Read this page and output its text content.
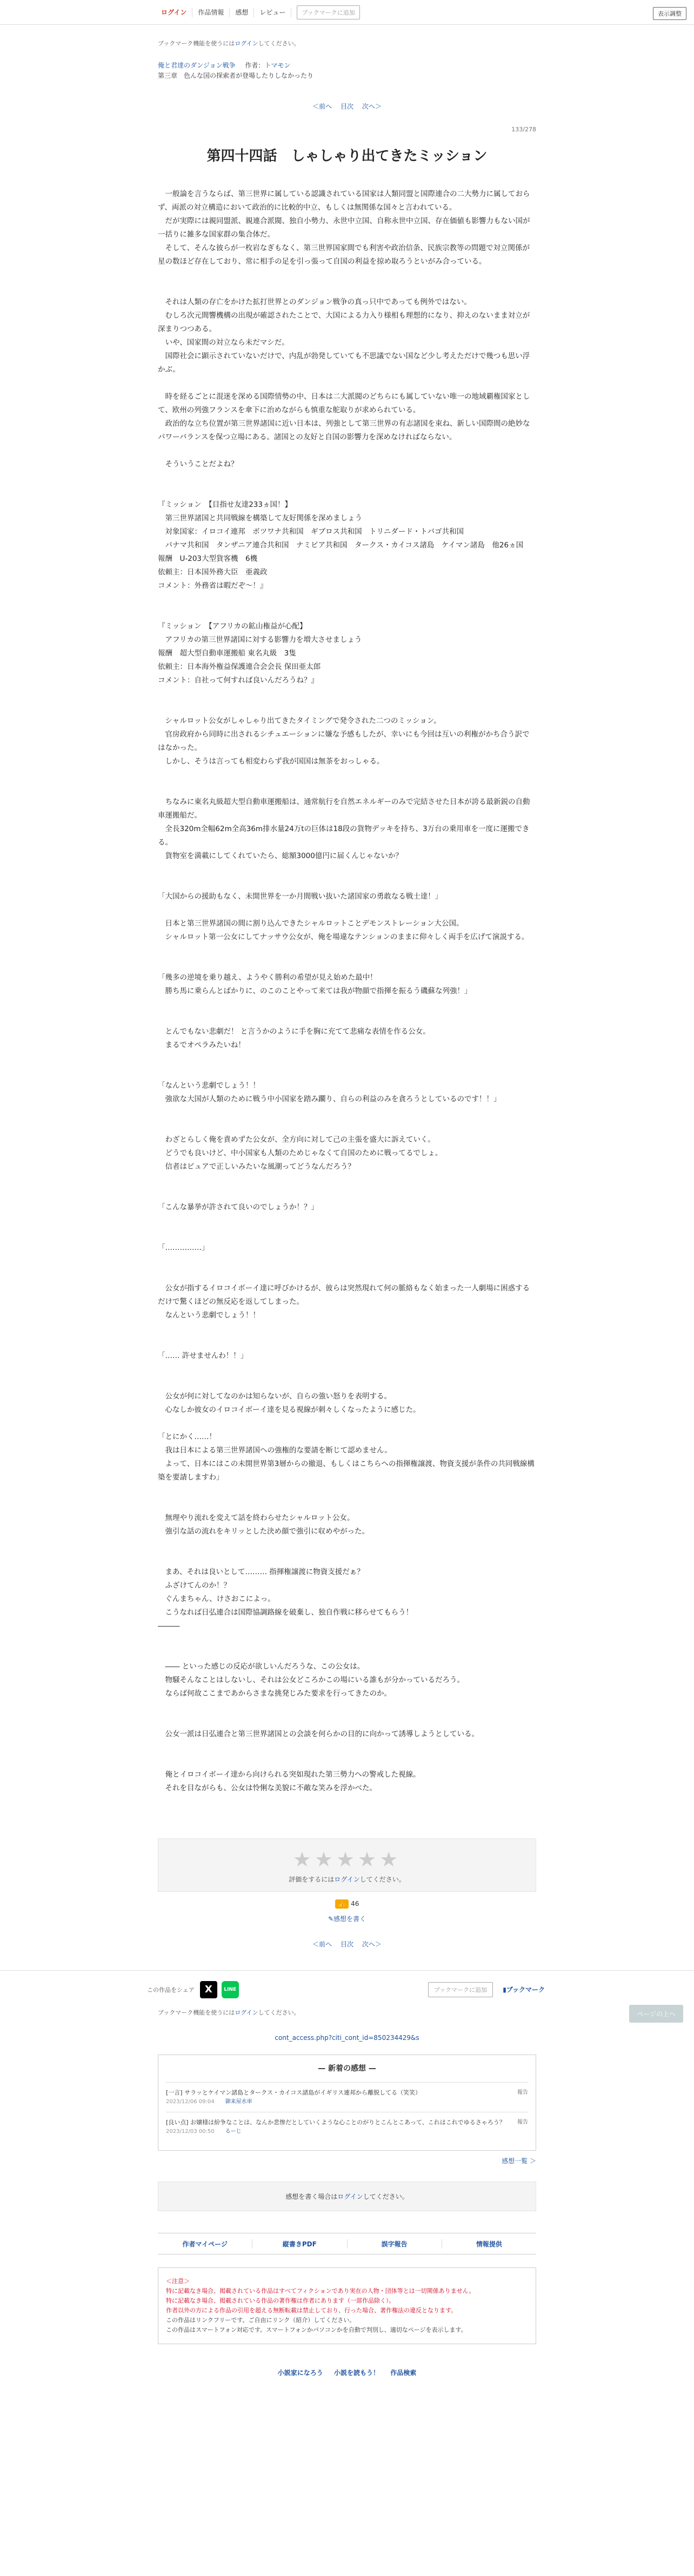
ログイン	作品情報	感想	レビュー	ブックマークに追加	表示調整
ブックマーク機能を使うにはログインしてください。
俺と君達のダンジョン戦争 作者：トマモン
第三章　色んな国の探索者が登場したりしなかったり
＜前へ 目次 次へ＞
133/278
第四十四話　しゃしゃり出てきたミッション

　一般論を言うならば、第三世界に属している認識されている国家は人類同盟と国際連合の二大勢力に属しておらず、両派の対立構造において政治的に比較的中立、もしくは無関係な国々と言われている。

　だが実際には親同盟派、親連合派閥、独自小勢力、永世中立国、自称永世中立国、存在価値も影響力もない国が一括りに雑多な国家群の集合体だ。

　そして、そんな彼らが一枚岩なぎもなく、第三世界国家間でも利害や政治信条、民族宗教等の問題で対立関係が星の数ほど存在しており、常に相手の足を引っ張って自国の利益を掠め取ろうといがみ合っている。

　それは人類の存亡をかけた拡打世界とのダンジョン戦争の真っ只中であっても例外ではない。

　むしろ次元間響機構の出現が確認されたことで、大国による力入り様相も理想的になり、抑えのないまま対立が深まりつつある。

　いや、国家間の対立なら未だマシだ。

　国際社会に顕示されていないだけで、内乱が勃発していても不思議でない国など少し考えただけで幾つも思い浮かぶ。

　時を経るごとに混迷を深める国際情勢の中、日本は二大派閥のどちらにも属していない唯一の地域覇権国家として、欧州の列強フランスを傘下に治めながらも慎重な舵取りが求められている。

　政治的な立ち位置が第三世界諸国に近い日本は、列強として第三世界の有志諸国を束ね、新しい国際間の絶妙なパワーバランスを保つ立場にある。諸国との友好と自国の影響力を深めなければならない。

　そういうことだよね？

『ミッション　【目指せ友達233ヵ国！】

　第三世界諸国と共同戦線を構築して友好関係を深めましょう

　対象国家：イロコイ連邦　ボツワナ共和国　ギブロス共和国　トリニダード・トバゴ共和国

　パナマ共和国　タンザニア連合共和国　ナミビア共和国　タークス・カイコス諸島　ケイマン諸島　他26ヵ国

報酬　U-203大型貨客機　6機

依頼主：日本国外務大臣　亜義政

コメント：外務省は暇だぞ～！』

『ミッション　【アフリカの鉱山権益が心配】

　アフリカの第三世界諸国に対する影響力を増大させましょう

報酬　超大型自動車運搬船 東名丸級　3隻

依頼主：日本海外権益保護連合会会長 保田亜太郎

コメント：自社って何すれば良いんだろうね？』

　シャルロット公女がしゃしゃり出てきたタイミングで発令された二つのミッション。

　官房政府から同時に出されるシチュエーションに嫌な予感もしたが、幸いにも今回は互いの利権がかち合う訳ではなかった。

　しかし、そうは言っても相変わらず我が国国は無茶をおっしゃる。

　ちなみに東名丸級超大型自動車運搬船は、通常航行を自然エネルギーのみで完結させた日本が誇る最新鋭の自動車運搬船だ。

　全長320m全幅62m全高36m排水量24万tの巨体は18段の貨物デッキを持ち、3万台の乗用車を一度に運搬できる。

　貨物室を満載にしてくれていたら、総額3000億円に届くんじゃないか？

「大国からの援助もなく、未開世界を一か月間戦い抜いた諸国家の勇敢なる戦士達！」

　日本と第三世界諸国の間に割り込んできたシャルロットことデモンストレーション大公国。

　シャルロット第一公女にしてナッサウ公女が、俺を場違なテンションのままに仰々しく両手を広げて演説する。

「幾多の逆境を乗り越え、ようやく勝利の希望が見え始めた最中！

　勝ち馬に乗らんとばかりに、のこのことやって来ては我が物顔で指揮を振るう磯蘇な列強！」

　とんでもない悲劇だ！ と言うかのように手を胸に充てて悲痛な表情を作る公女。

　まるでオペラみたいね！

「なんという悲劇でしょう！！

　強欲な大国が人類のために戦う中小国家を踏み躙り、自らの利益のみを貪ろうとしているのです！！」

　わざとらしく俺を責めずた公女が、全方向に対して己の主張を盛大に訴えていく。

　どうでも良いけど、中小国家も人類のためじゃなくて自国のために戦ってるでしょ。

　信者はピュアで正しいみたいな風潮ってどうなんだろう？

「こんな暴挙が許されて良いのでしょうか！？」

「……………」

　公女が指するイロコイボーイ達に呼びかけるが、彼らは突然現れて何の脈絡もなく始まった一人劇場に困惑するだけで驚くほどの無反応を返してしまった。

　なんという悲劇でしょう！！

「…… 許せませんわ！！」

　公女が何に対してなのかは知らないが、自らの強い怒りを表明する。

　心なしか彼女のイロコイボーイ達を見る視線が刺々しくなったように感じた。

「とにかく……！

　我は日本による第三世界諸国への強権的な要請を断じて認めません。

　よって、日本にはこの未開世界第3層からの撤退、もしくはこちらへの指揮権譲渡、物資支援が条件の共同戦線構築を要請しますわ」

　無理やり流れを変えて話を終わらせたシャルロット公女。

　強引な話の流れをキリッとした決め顔で強引に収めやがった。

　まあ、それは良いとして……… 指揮権譲渡に物資支援だぁ？

　ふざけてんのか！？

　ぐんまちゃん、けさおこによっ。

　こうなれば日弘連合は国際協調路線を破棄し、独自作戦に移らせてもらう！

―――

　―― といった感じの反応が欲しいんだろうな、この公女は。

　物騒そんなことはしないし、それは公女どころかこの場にいる誰もが分かっているだろう。

　ならば何故ここまであからさまな挑発じみた要求を行ってきたのか。

　公女一派は日弘連合と第三世界諸国との会談を何らかの目的に向かって誘導しようとしている。

　俺とイロコイボーイ達から向けられる突如現れた第三勢力への警戒した視線。

　それを目ながらも、公女は怜悧な美貌に不敵な笑みを浮かべた。

★★★★★
評価をするにはログインしてください。
👍 46
✎感想を書く
＜前へ 目次 次へ＞
ページの上へ
この作品をシェア	X	LINE	ブックマークに追加	▮ブックマーク
ブックマーク機能を使うにはログインしてください。
cont_access.php?citi_cont_id=850234429&s
— 新着の感想 —
報告
[一言] サラッとケイマン諸島とタークス・カイコス諸島がイギリス連邦から離脱してる（笑笑）
2023/12/06 09:04 御来屋水車
報告
[良い点] お嬢様は紛争なことは、なんか悲惨だとしていくような心ことのがりとこんとこあって、これはこれでゆるさゃろう？
2023/12/03 00:50 るーじ
感想一覧 ＞
感想を書く場合はログインしてください。
作者マイページ	縦書きPDF	誤字報告	情報提供
＜注意＞
特に記載なき場合、掲載されている作品はすべてフィクションであり実在の人物・団体等とは一切関係ありません。
特に記載なき場合、掲載されている作品の著作権は作者にあります（一部作品除く）。
作者以外の方による作品の引用を超える無断転載は禁止しており、行った場合、著作権法の違反となります。
この作品はリンクフリーです。ご自由にリンク（紹介）してください。
この作品はスマートフォン対応です。スマートフォンかパソコンかを自動で判別し、適切なページを表示します。
小説家になろう 小説を読もう！ 作品検索
